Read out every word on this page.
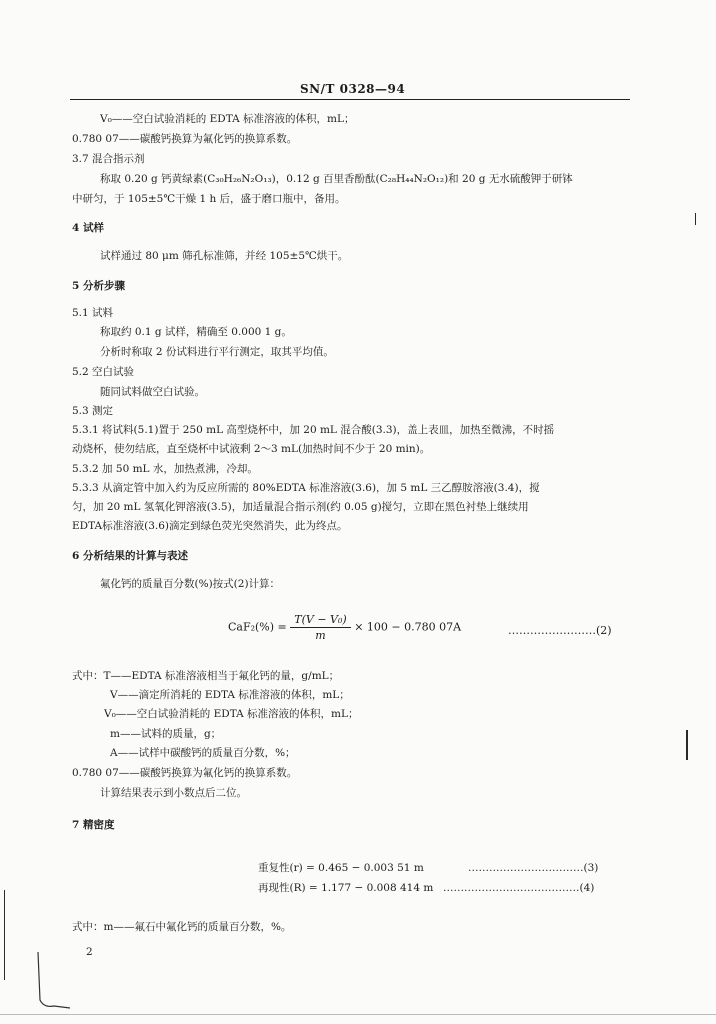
SN/T 0328—94
V₀——空白试验消耗的 EDTA 标准溶液的体积，mL；
0.780 07——碳酸钙换算为氟化钙的换算系数。
3.7 混合指示剂
称取 0.20 g 钙黄绿素(C₃₀H₂₆N₂O₁₃)，0.12 g 百里香酚酞(C₂₈H₄₄N₂O₁₂)和 20 g 无水硫酸钾于研钵
中研匀，于 105±5℃干燥 1 h 后，盛于磨口瓶中，备用。
4 试样
试样通过 80 μm 筛孔标准筛，并经 105±5℃烘干。
5 分析步骤
5.1 试料
称取约 0.1 g 试样，精确至 0.000 1 g。
分析时称取 2 份试料进行平行测定，取其平均值。
5.2 空白试验
随同试料做空白试验。
5.3 测定
5.3.1 将试料(5.1)置于 250 mL 高型烧杯中，加 20 mL 混合酸(3.3)，盖上表皿，加热至微沸，不时摇
动烧杯，使勿结底，直至烧杯中试液剩 2～3 mL(加热时间不少于 20 min)。
5.3.2 加 50 mL 水，加热煮沸，冷却。
5.3.3 从滴定管中加入约为反应所需的 80%EDTA 标准溶液(3.6)，加 5 mL 三乙醇胺溶液(3.4)，搅
匀，加 20 mL 氢氧化钾溶液(3.5)，加适量混合指示剂(约 0.05 g)搅匀，立即在黑色衬垫上继续用
EDTA标准溶液(3.6)滴定到绿色荧光突然消失，此为终点。
6 分析结果的计算与表述
氟化钙的质量百分数(%)按式(2)计算：
$CaF_2(\%) = \frac{\text{T(V − V₀)}}{m} \times 100 - 0.780$ 07A	……………………(2)
式中：T——EDTA 标准溶液相当于氟化钙的量，g/mL；
V——滴定所消耗的 EDTA 标准溶液的体积，mL；
V₀——空白试验消耗的 EDTA 标准溶液的体积，mL；
m——试料的质量，g；
A——试样中碳酸钙的质量百分数，%；
0.780 07——碳酸钙换算为氟化钙的换算系数。
计算结果表示到小数点后二位。
7 精密度
重复性(r) = 0.465 − 0.003 51 m	……………………………(3)
再现性(R) = 1.177 − 0.008 414 m …………………………………(4)
式中：m——氟石中氟化钙的质量百分数，%。
2
